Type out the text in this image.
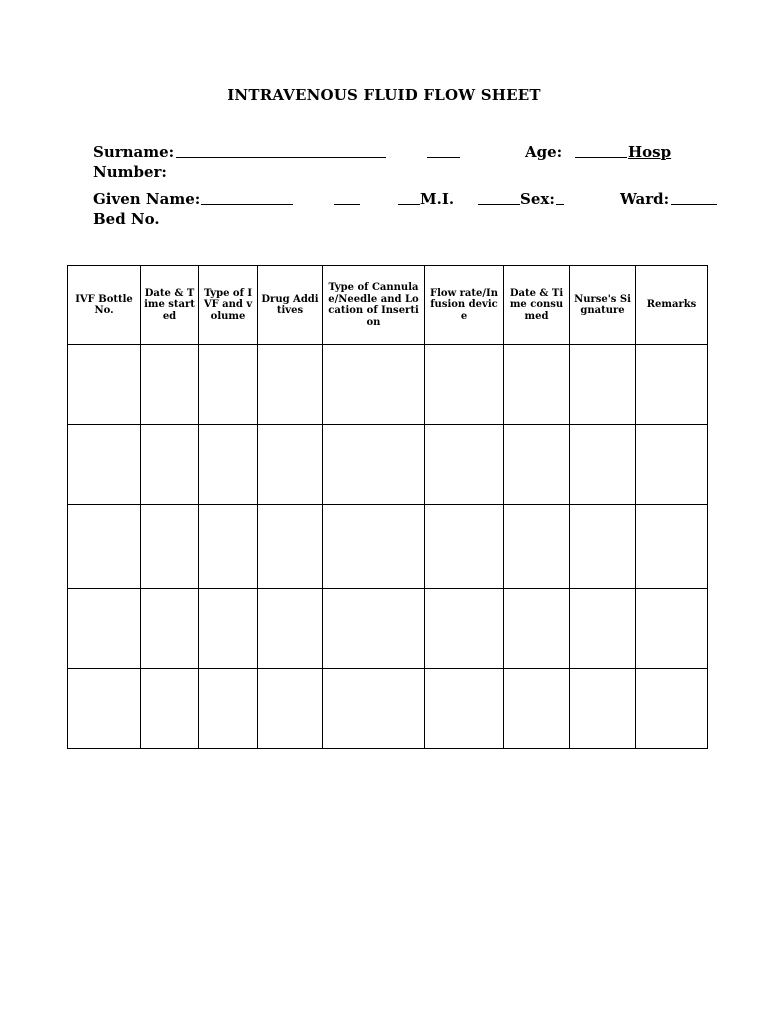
INTRAVENOUS FLUID FLOW SHEET
Surname:	Age:	Hosp
Number:
Given Name:	M.I.	Sex:	Ward:
Bed No.
IVF Bottle No.	Date & Time started	Type of IVF and volume	Drug Additives	Type of Cannulae/Needle and Location of Insertion	Flow rate/Infusion device	Date & Time consumed	Nurse's Signature	Remarks
